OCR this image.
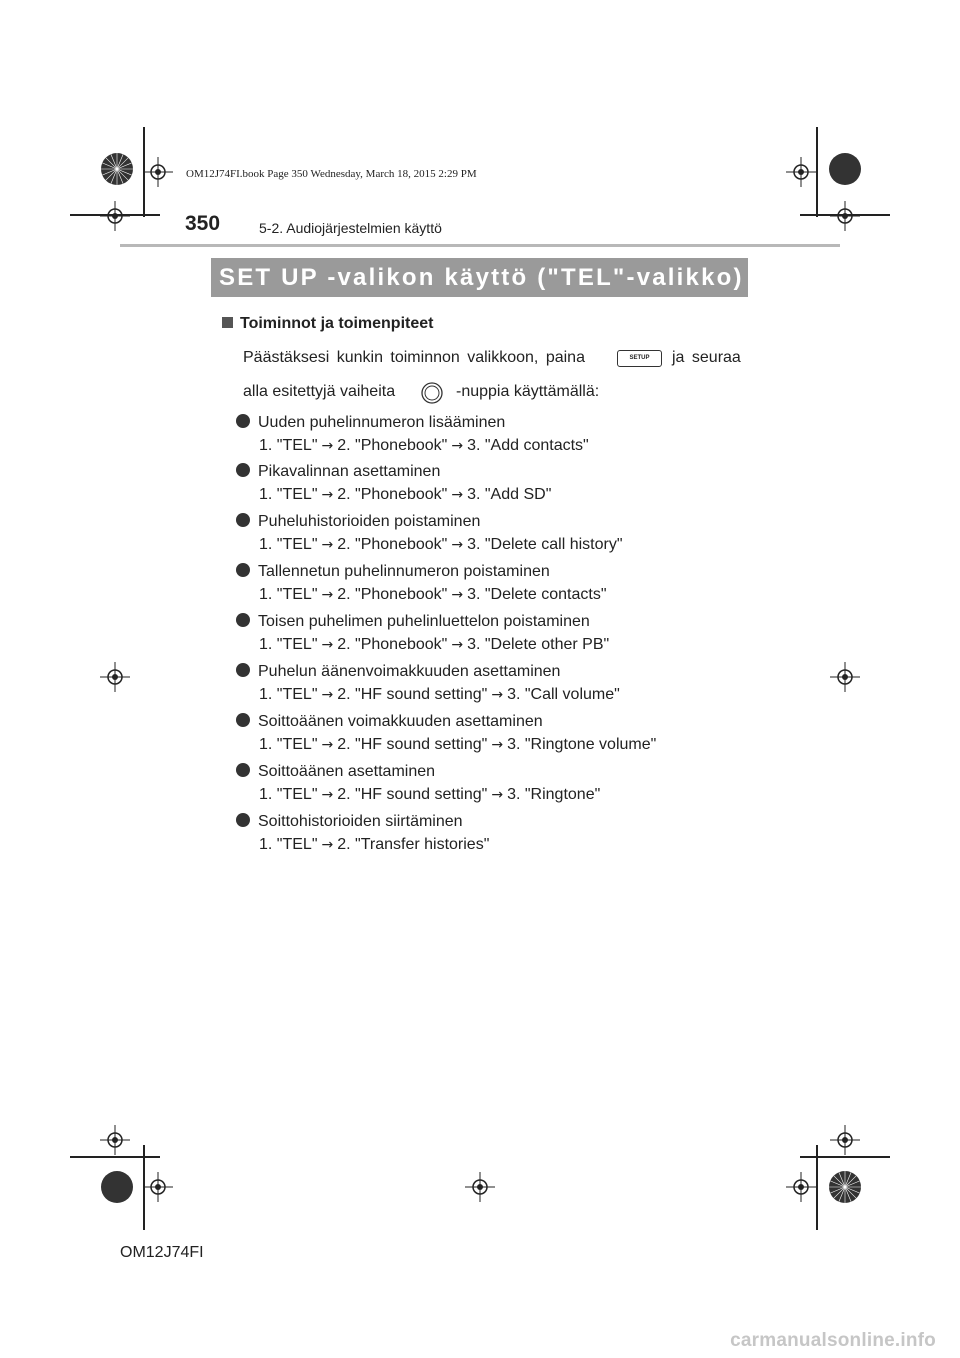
OM12J74FI.book Page 350 Wednesday, March 18, 2015 2:29 PM
350	5-2. Audiojärjestelmien käyttö
SET UP -valikon käyttö ("TEL"-valikko)
Toiminnot ja toimenpiteet
Päästäksesi kunkin toiminnon valikkoon, paina	SETUP	ja seuraa
alla esitettyjä vaiheita	-nuppia käyttämällä:
Uuden puhelinnumeron lisääminen
1. "TEL" → 2. "Phonebook" → 3. "Add contacts"
Pikavalinnan asettaminen
1. "TEL" → 2. "Phonebook" → 3. "Add SD"
Puheluhistorioiden poistaminen
1. "TEL" → 2. "Phonebook" → 3. "Delete call history"
Tallennetun puhelinnumeron poistaminen
1. "TEL" → 2. "Phonebook" → 3. "Delete contacts"
Toisen puhelimen puhelinluettelon poistaminen
1. "TEL" → 2. "Phonebook" → 3. "Delete other PB"
Puhelun äänenvoimakkuuden asettaminen
1. "TEL" → 2. "HF sound setting" → 3. "Call volume"
Soittoäänen voimakkuuden asettaminen
1. "TEL" → 2. "HF sound setting" → 3. "Ringtone volume"
Soittoäänen asettaminen
1. "TEL" → 2. "HF sound setting" → 3. "Ringtone"
Soittohistorioiden siirtäminen
1. "TEL" → 2. "Transfer histories"
OM12J74FI
carmanualsonline.info
